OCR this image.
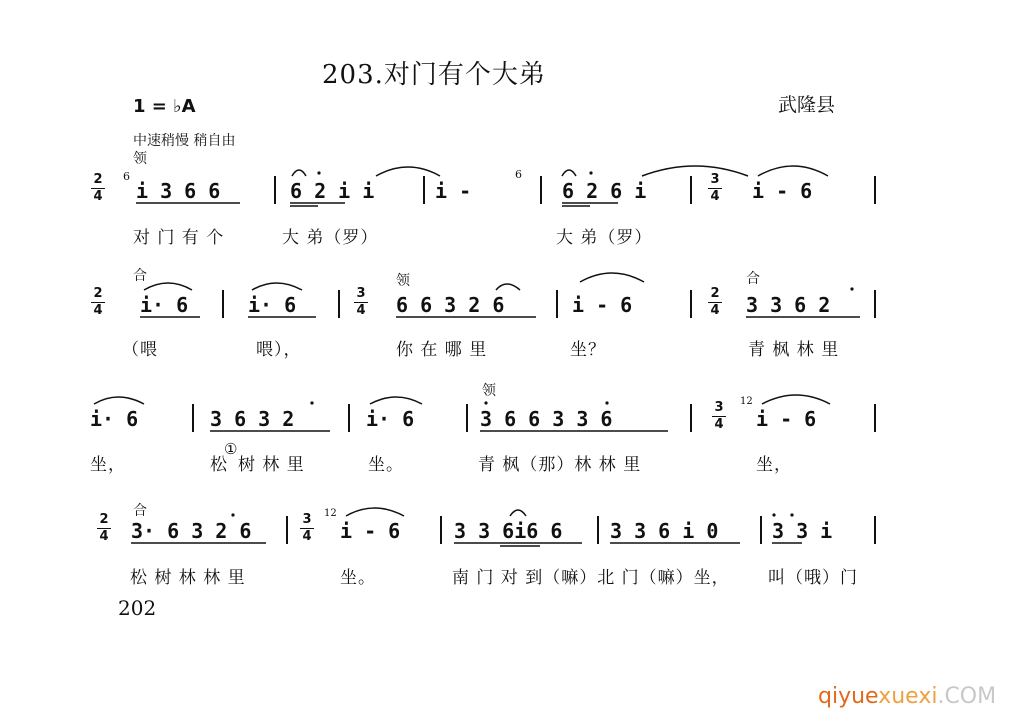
203.对门有个大弟
1 = ♭A	武隆县
中速稍慢 稍自由
202
qiyuexuexi.COM
领
2
4
6
i 3 6 6	6 2 i i	i -
6
6 2 6 i	3
4 i - 6
对 门 有 个	大 弟（罗）	大 弟（罗）
合
2
4 i· 6	i· 6	3
4
领
6 6 3 2 6	i - 6	2
4
合
3 3 6 2
（喂	喂），	你 在 哪 里	坐？	青 枫 林 里
i· 6	3 6 3 2	i· 6
领
3 6 6 3 3 6	3
4
12
i - 6
坐，	松
①
树 林 里	坐。	青 枫（那）林 林 里	坐，
合
2
4 3· 6 3 2 6	3
4
12
i - 6	3 3 6i6 6 3 3 6 i 0	3 3 i
松 树 林 林 里	坐。	南 门 对 到（嘛）北 门（嘛）坐， 叫（哦）门
